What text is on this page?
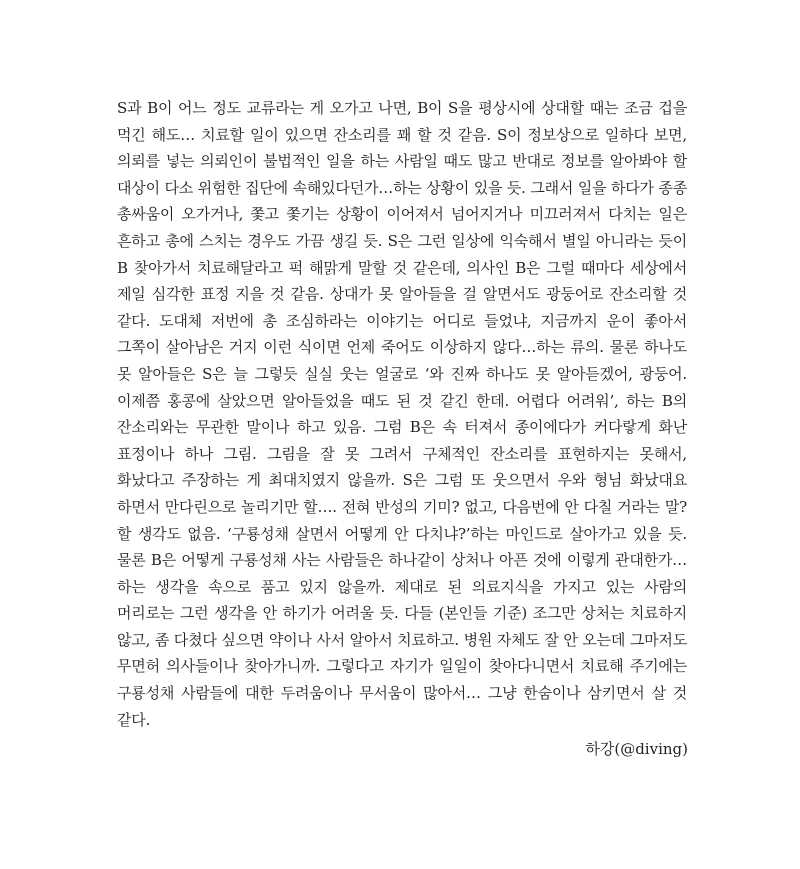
S과 B이 어느 정도 교류라는 게 오가고 나면, B이 S을 평상시에 상대할 때는 조금 겁을 먹긴 해도… 치료할 일이 있으면 잔소리를 꽤 할 것 같음. S이 정보상으로 일하다 보면, 의뢰를 넣는 의뢰인이 불법적인 일을 하는 사람일 때도 많고 반대로 정보를 알아봐야 할 대상이 다소 위험한 집단에 속해있다던가…하는 상황이 있을 듯. 그래서 일을 하다가 종종 총싸움이 오가거나, 쫓고 쫓기는 상황이 이어져서 넘어지거나 미끄러져서 다치는 일은 흔하고 총에 스치는 경우도 가끔 생길 듯. S은 그런 일상에 익숙해서 별일 아니라는 듯이 B 찾아가서 치료해달라고 퍽 해맑게 말할 것 같은데, 의사인 B은 그럴 때마다 세상에서 제일 심각한 표정 지을 것 같음. 상대가 못 알아들을 걸 알면서도 광둥어로 잔소리할 것 같다. 도대체 저번에 총 조심하라는 이야기는 어디로 들었냐, 지금까지 운이 좋아서 그쪽이 살아남은 거지 이런 식이면 언제 죽어도 이상하지 않다…하는 류의. 물론 하나도 못 알아들은 S은 늘 그렇듯 실실 웃는 얼굴로 ‘와 진짜 하나도 못 알아듣겠어, 광둥어. 이제쯤 홍콩에 살았으면 알아들었을 때도 된 것 같긴 한데. 어렵다 어려워’, 하는 B의 잔소리와는 무관한 말이나 하고 있음. 그럼 B은 속 터져서 종이에다가 커다랗게 화난 표정이나 하나 그림. 그림을 잘 못 그려서 구체적인 잔소리를 표현하지는 못해서, 화났다고 주장하는 게 최대치였지 않을까. S은 그럼 또 웃으면서 우와 형님 화났대요 하면서 만다린으로 놀리기만 할…. 전혀 반성의 기미? 없고, 다음번에 안 다칠 거라는 말? 할 생각도 없음. ‘구룡성채 살면서 어떻게 안 다치냐?’하는 마인드로 살아가고 있을 듯. 물론 B은 어떻게 구룡성채 사는 사람들은 하나같이 상처나 아픈 것에 이렇게 관대한가…하는 생각을 속으로 품고 있지 않을까. 제대로 된 의료지식을 가지고 있는 사람의 머리로는 그런 생각을 안 하기가 어려울 듯. 다들 (본인들 기준) 조그만 상처는 치료하지 않고, 좀 다쳤다 싶으면 약이나 사서 알아서 치료하고. 병원 자체도 잘 안 오는데 그마저도 무면허 의사들이나 찾아가니까. 그렇다고 자기가 일일이 찾아다니면서 치료해 주기에는 구룡성채 사람들에 대한 두려움이나 무서움이 많아서… 그냥 한숨이나 삼키면서 살 것 같다.

하강(@diving)
